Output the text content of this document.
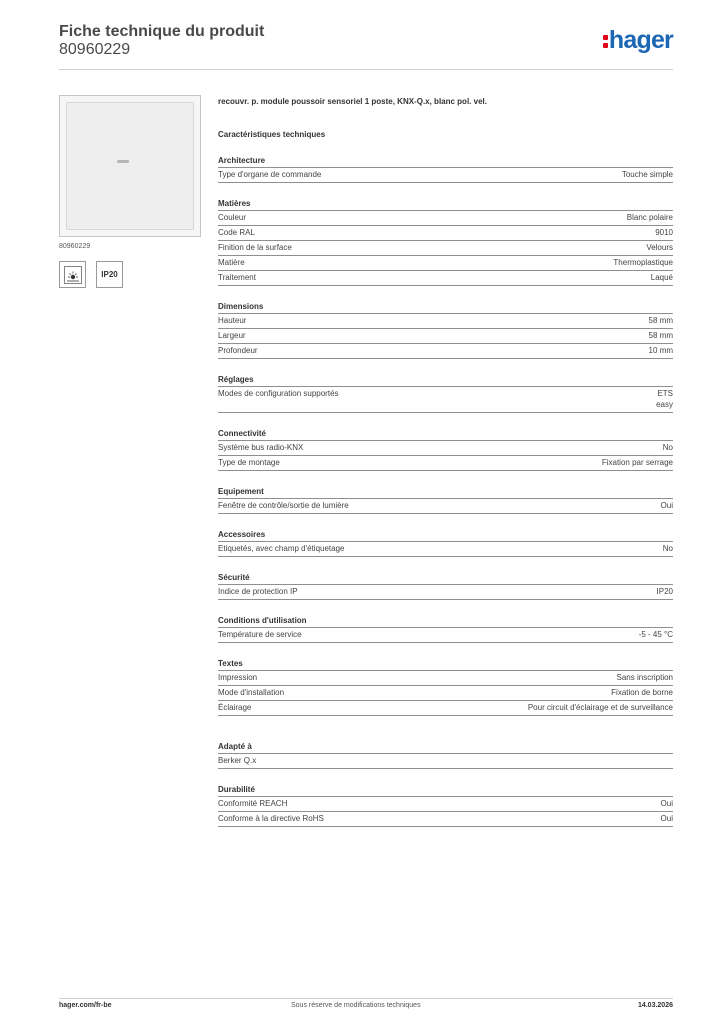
Fiche technique du produit
80960229	hager
80960229
IP20
recouvr. p. module poussoir sensoriel 1 poste, KNX-Q.x, blanc pol. vel.
Caractéristiques techniques
Architecture
Type d'organe de commande	Touche simple
Matières
Couleur	Blanc polaire
Code RAL	9010
Finition de la surface	Velours
Matière	Thermoplastique
Traitement	Laqué
Dimensions
Hauteur	58 mm
Largeur	58 mm
Profondeur	10 mm
Réglages
Modes de configuration supportés	ETS
easy
Connectivité
Système bus radio-KNX	No
Type de montage	Fixation par serrage
Equipement
Fenêtre de contrôle/sortie de lumière	Oui
Accessoires
Etiquetés, avec champ d'étiquetage	No
Sécurité
Indice de protection IP	IP20
Conditions d'utilisation
Température de service	-5 - 45 °C
Textes
Impression	Sans inscription
Mode d'installation	Fixation de borne
Éclairage	Pour circuit d'éclairage et de surveillance
Adapté à
Berker Q.x
Durabilité
Conformité REACH	Oui
Conforme à la directive RoHS	Oui
hager.com/fr-be	Sous réserve de modifications techniques	14.03.2026
